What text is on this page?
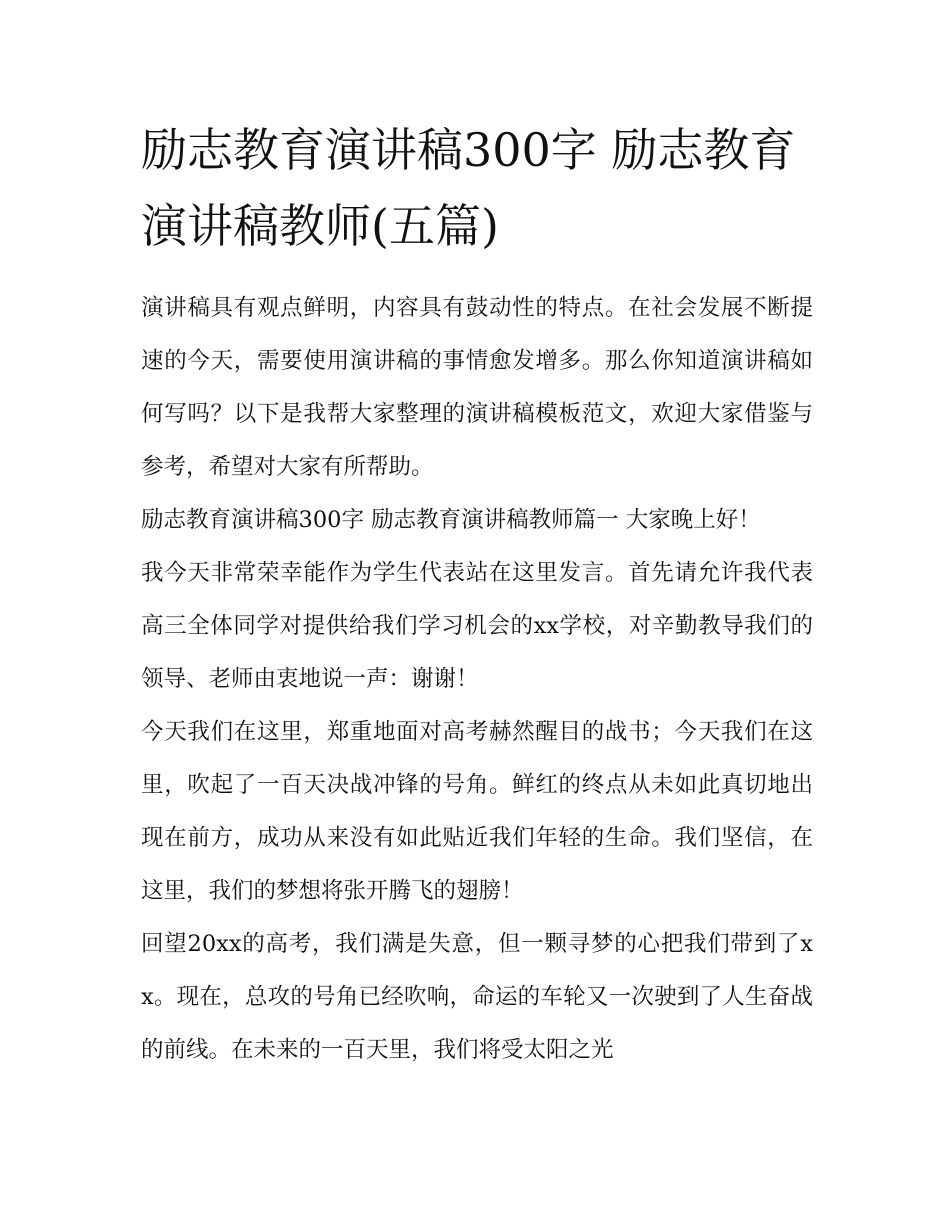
励志教育演讲稿300字 励志教育演讲稿教师(五篇)

演讲稿具有观点鲜明，内容具有鼓动性的特点。在社会发展不断提速的今天，需要使用演讲稿的事情愈发增多。那么你知道演讲稿如何写吗？以下是我帮大家整理的演讲稿模板范文，欢迎大家借鉴与参考，希望对大家有所帮助。

励志教育演讲稿300字 励志教育演讲稿教师篇一 大家晚上好！

我今天非常荣幸能作为学生代表站在这里发言。首先请允许我代表高三全体同学对提供给我们学习机会的xx学校，对辛勤教导我们的领导、老师由衷地说一声：谢谢！

今天我们在这里，郑重地面对高考赫然醒目的战书；今天我们在这里，吹起了一百天决战冲锋的号角。鲜红的终点从未如此真切地出现在前方，成功从来没有如此贴近我们年轻的生命。我们坚信，在这里，我们的梦想将张开腾飞的翅膀！

回望20xx的高考，我们满是失意，但一颗寻梦的心把我们带到了xx。现在，总攻的号角已经吹响，命运的车轮又一次驶到了人生奋战的前线。在未来的一百天里，我们将受太阳之光
